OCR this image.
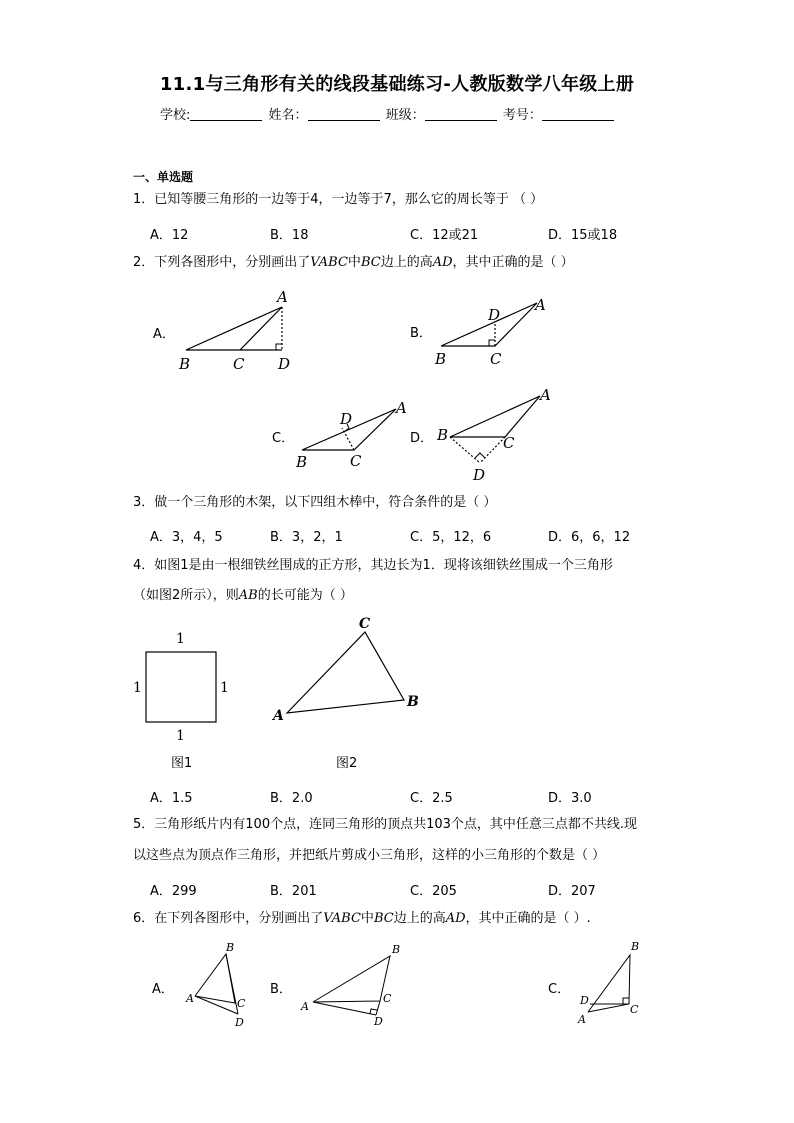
11.1与三角形有关的线段基础练习-人教版数学八年级上册
学校:	姓名：	班级：	考号：
一、单选题
1．已知等腰三角形的一边等于4，一边等于7，那么它的周长等于 （ ）
A．12	B．18	C．12或21	D．15或18
2．下列各图形中，分别画出了VABC中BC边上的高AD，其中正确的是（ ）
A．	B．
C．	D．
A
B	C D
A
B	C
D
A
B	C
D
A
B	C
D
1
1	1
1
C
A
B
B
A	C
D
B
A
C
D
B
D
C
A
图1	图2
3．做一个三角形的木架，以下四组木棒中，符合条件的是（ ）
A．3，4，5	B．3，2，1	C．5，12，6	D．6，6，12
4．如图1是由一根细铁丝围成的正方形，其边长为1．现将该细铁丝围成一个三角形
（如图2所示），则AB的长可能为（ ）
A．1.5	B．2.0	C．2.5	D．3.0
5．三角形纸片内有100个点，连同三角形的顶点共103个点，其中任意三点都不共线.现
以这些点为顶点作三角形，并把纸片剪成小三角形，这样的小三角形的个数是（ ）
A．299	B．201	C．205	D．207
6．在下列各图形中，分别画出了VABC中BC边上的高AD，其中正确的是（ ）.
A．	B．	C．
